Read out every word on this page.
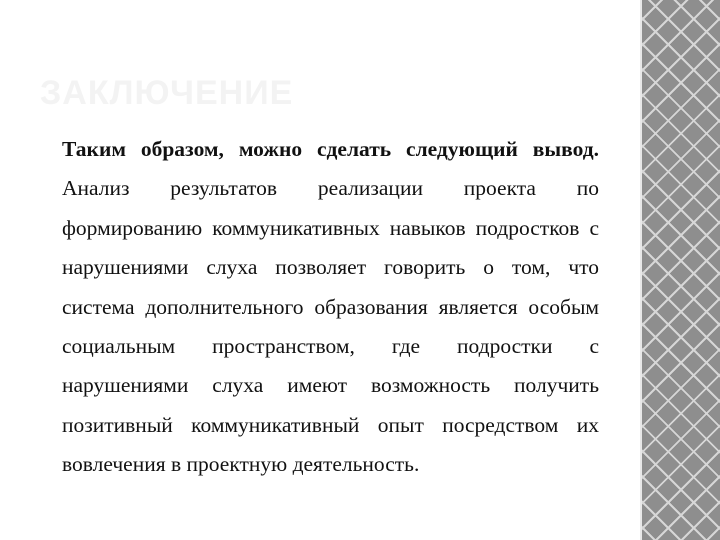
ЗАКЛЮЧЕНИЕ

Таким образом, можно сделать следующий вывод. Анализ результатов реализации проекта по формированию коммуникативных навыков подростков с нарушениями слуха позволяет говорить о том, что система дополнительного образования является особым социальным пространством, где подростки с нарушениями слуха имеют возможность получить позитивный коммуникативный опыт посредством их вовлечения в проектную деятельность.
